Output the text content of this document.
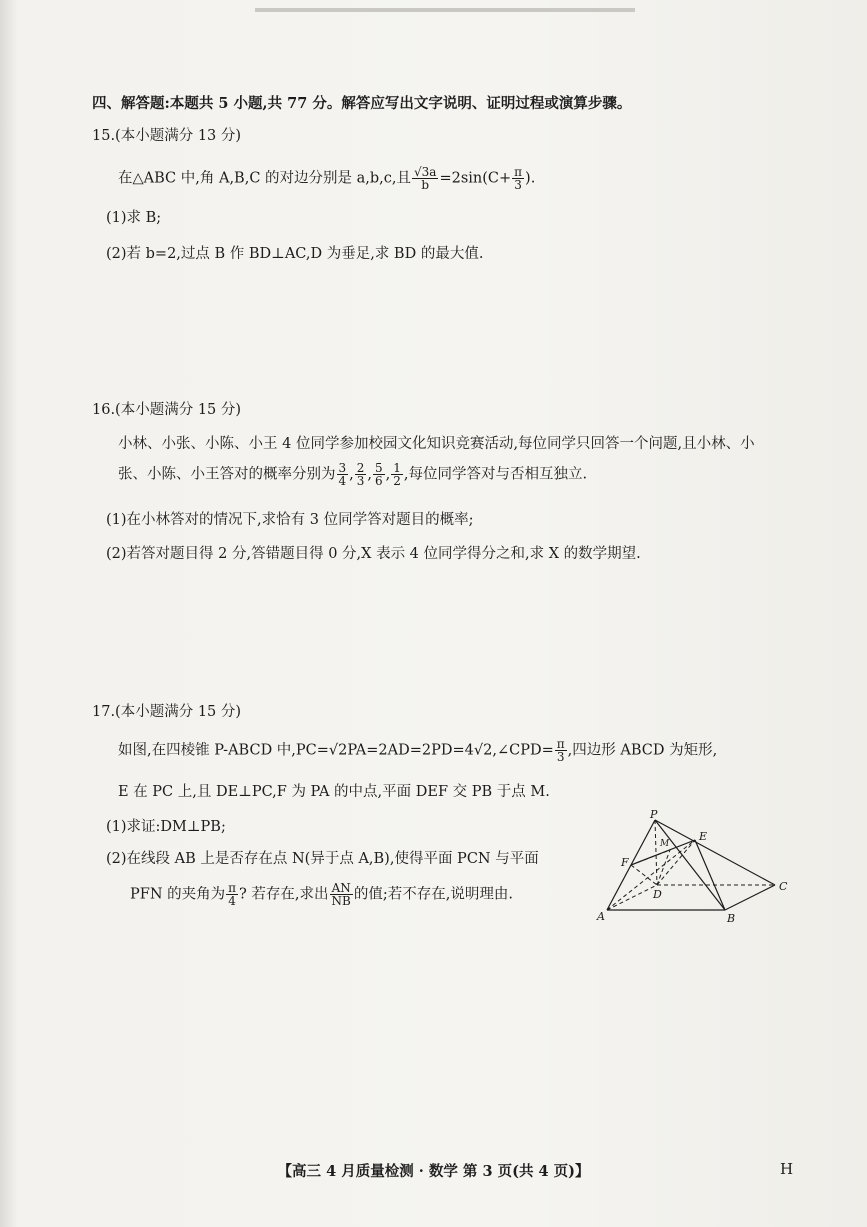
四、解答题:本题共 5 小题,共 77 分。解答应写出文字说明、证明过程或演算步骤。
15.(本小题满分 13 分)
在△ABC 中,角 A,B,C 的对边分别是 a,b,c,且 $\frac{√3a}{b} =2\sin(C+ \frac{\pi}{3}$ ).
(1)求 B;
(2)若 b=2,过点 B 作 BD⊥AC,D 为垂足,求 BD 的最大值.
16.(本小题满分 15 分)
小林、小张、小陈、小王 4 位同学参加校园文化知识竞赛活动,每位同学只回答一个问题,且小林、小
张、小陈、小王答对的概率分别为 $\frac{3}{4}$ , $\frac{2}{3}$ , $\frac{5}{6}$ , $\frac{1}{2}$ ,每位同学答对与否相互独立.
(1)在小林答对的情况下,求恰有 3 位同学答对题目的概率;
(2)若答对题目得 2 分,答错题目得 0 分,X 表示 4 位同学得分之和,求 X 的数学期望.
17.(本小题满分 15 分)
如图,在四棱锥 P-ABCD 中,PC=√2PA=2AD=2PD=4√2,∠CPD= $\frac{\pi}{3}$ ,四边形 ABCD 为矩形,
E 在 PC 上,且 DE⊥PC,F 为 PA 的中点,平面 DEF 交 PB 于点 M.
(1)求证:DM⊥PB;
(2)在线段 AB 上是否存在点 N(异于点 A,B),使得平面 PCN 与平面
PFN 的夹角为 $\frac{\pi}{4}$ ? 若存在,求出 $\frac{AN}{NB}$ 的值;若不存在,说明理由.
P
A	B
C
D
E
F
M
【高三 4 月质量检测 · 数学 第 3 页(共 4 页)】	H
